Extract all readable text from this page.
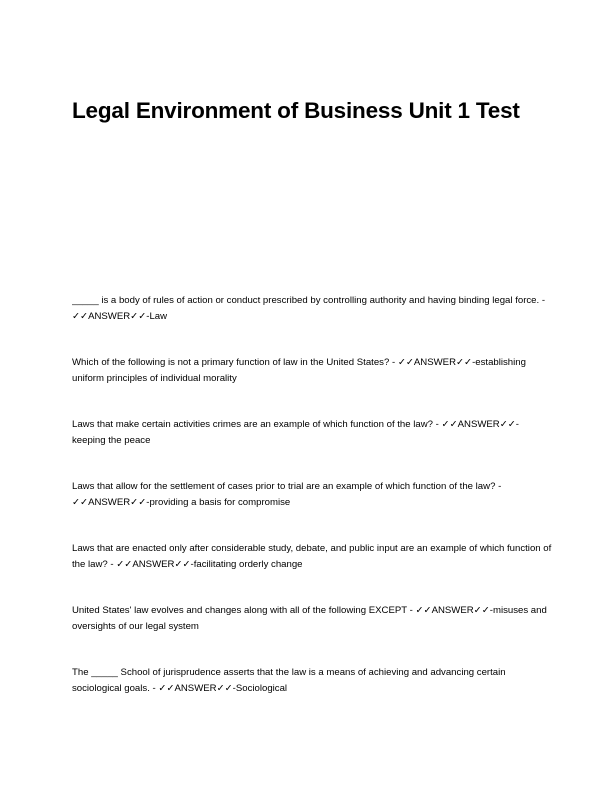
Legal Environment of Business Unit 1 Test
_____ is a body of rules of action or conduct prescribed by controlling authority and having binding legal force. - ✓✓ANSWER✓✓-Law
Which of the following is not a primary function of law in the United States? - ✓✓ANSWER✓✓-establishing uniform principles of individual morality
Laws that make certain activities crimes are an example of which function of the law? - ✓✓ANSWER✓✓-keeping the peace
Laws that allow for the settlement of cases prior to trial are an example of which function of the law? - ✓✓ANSWER✓✓-providing a basis for compromise
Laws that are enacted only after considerable study, debate, and public input are an example of which function of the law? - ✓✓ANSWER✓✓-facilitating orderly change
United States' law evolves and changes along with all of the following EXCEPT - ✓✓ANSWER✓✓-misuses and oversights of our legal system
The _____ School of jurisprudence asserts that the law is a means of achieving and advancing certain sociological goals. - ✓✓ANSWER✓✓-Sociological
